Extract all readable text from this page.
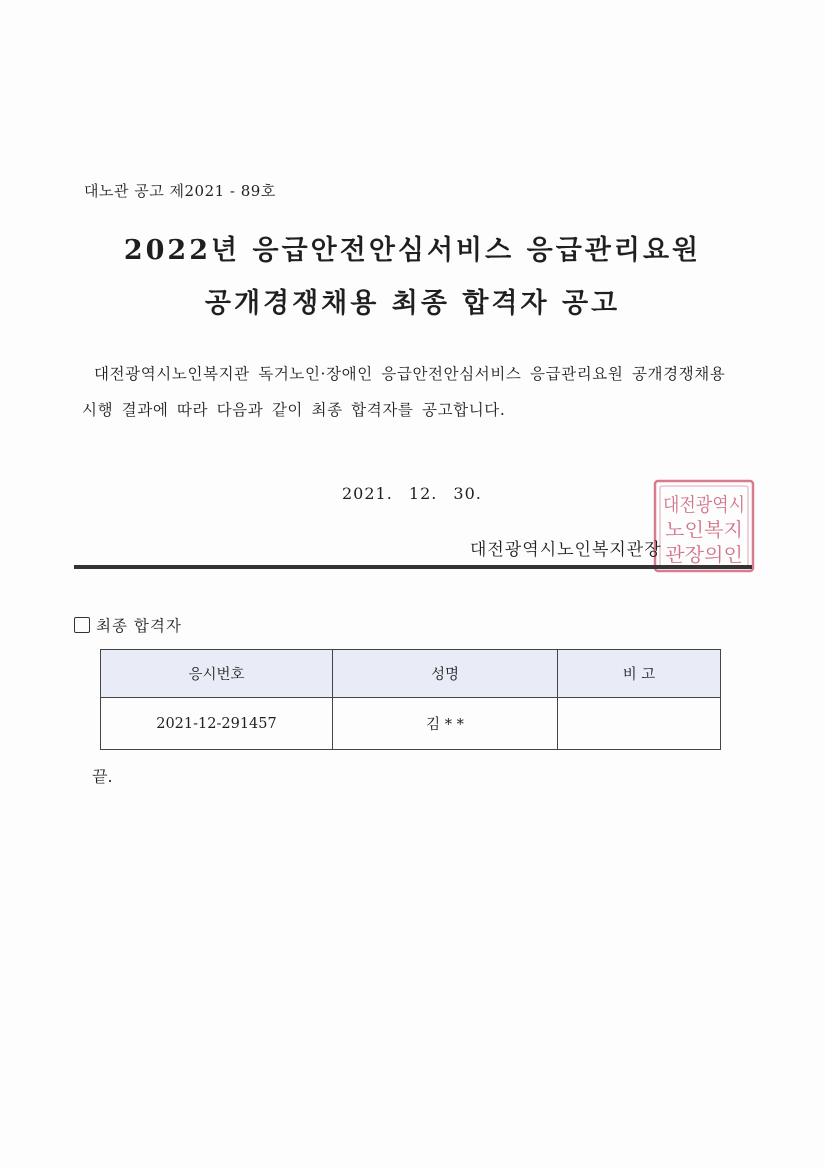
대노관 공고 제2021 - 89호
2022년 응급안전안심서비스 응급관리요원
공개경쟁채용 최종 합격자 공고
대전광역시노인복지관 독거노인·장애인 응급안전안심서비스 응급관리요원 공개경쟁채용 시행 결과에 따라 다음과 같이 최종 합격자를 공고합니다.
2021. 12. 30.
대전광역시
노인복지
관장의인
대전광역시노인복지관장
최종 합격자
응시번호	성명	비 고
2021-12-291457	김 * *	
끝.
